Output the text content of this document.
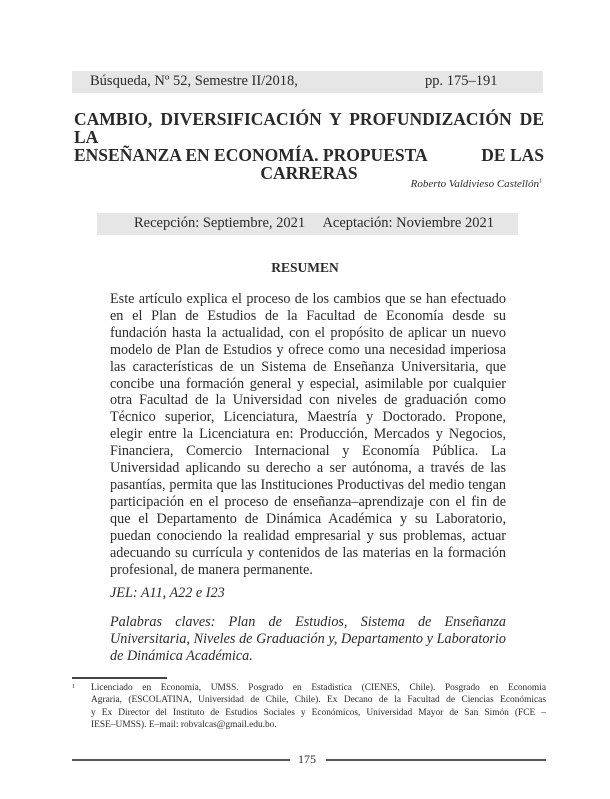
Búsqueda, Nº 52, Semestre II/2018,	pp. 175–191
CAMBIO, DIVERSIFICACIÓN Y PROFUNDIZACIÓN DE LA
ENSEÑANZA EN ECONOMÍA. PROPUESTA	DE LAS
CARRERAS
Roberto Valdivieso Castellón$^1$
Recepción: Septiembre, 2021     Aceptación: Noviembre 2021
RESUMEN
Este artículo explica el proceso de los cambios que se han efectuado
en el Plan de Estudios de la Facultad de Economía desde su
fundación hasta la actualidad, con el propósito de aplicar un nuevo
modelo de Plan de Estudios y ofrece como una necesidad imperiosa
las características de un Sistema de Enseñanza Universitaria, que
concibe una formación general y especial, asimilable por cualquier
otra Facultad de la Universidad con niveles de graduación como
Técnico superior, Licenciatura, Maestría y Doctorado. Propone,
elegir entre la Licenciatura en: Producción, Mercados y Negocios,
Financiera, Comercio Internacional y Economía Pública. La
Universidad aplicando su derecho a ser autónoma, a través de las
pasantías, permita que las Instituciones Productivas del medio tengan
participación en el proceso de enseñanza–aprendizaje con el fin de
que el Departamento de Dinámica Académica y su Laboratorio,
puedan conociendo la realidad empresarial y sus problemas, actuar
adecuando su currícula y contenidos de las materias en la formación
profesional, de manera permanente.
JEL: A11, A22 e I23
Palabras claves: Plan de Estudios, Sistema de Enseñanza
Universitaria, Niveles de Graduación y, Departamento y Laboratorio
de Dinámica Académica.
1 Licenciado en Economia, UMSS. Posgrado en Estadistica (CIENES, Chile). Posgrado en Economia
Agraria, (ESCOLATINA, Universidad de Chile, Chile). Ex Decano de la Facultad de Ciencias Económicas
y Ex Director del Instituto de Estudios Sociales y Económicos, Universidad Mayor de San Simón (FCE –
IESE–UMSS). E–mail: robvalcas@gmail.edu.bo.
175
